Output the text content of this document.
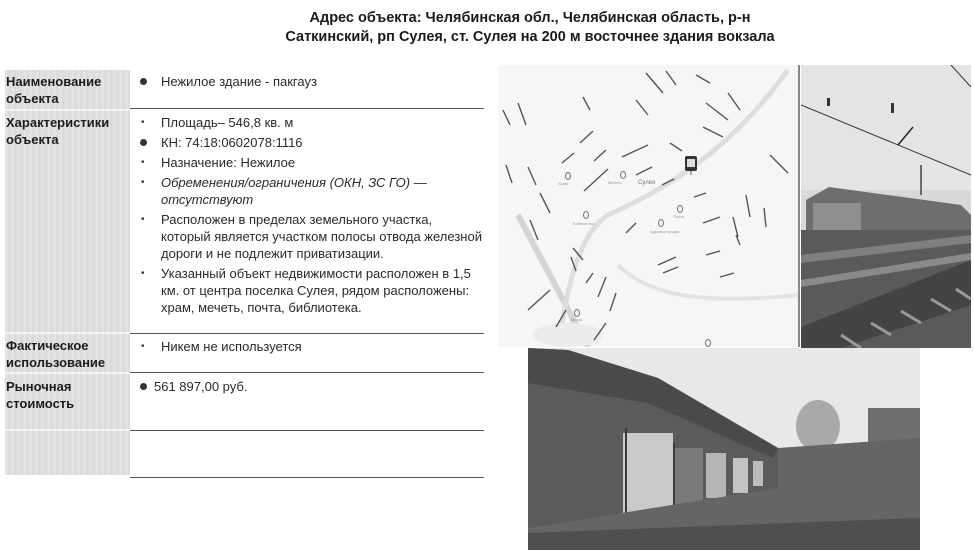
Адрес объекта: Челябинская обл., Челябинская область, р-н
Саткинский, рп Сулея, ст. Сулея на 200 м восточнее здания вокзала
Наименование
объекта
Характеристики
объекта
Фактическое
использование
Рыночная
стоимость
Нежилое здание - пакгауз
• Площадь– 546,8 кв. м
КН: 74:18:0602078:1116
• Назначение: Нежилое
• Обременения/ограничения (ОКН, ЗС ГО) — отсутствуют
• Расположен в пределах земельного участка, который является участком полосы отвода железной дороги и не подлежит приватизации.
• Указанный объект недвижимости расположен в 1,5 км. от центра поселка Сулея, рядом расположены: храм, мечеть, почта, библиотека.
• Никем не используется
561 897,00 руб.
Храм	Мечеть
Библиотека
Почта
Администрация
Школа
Сулея
